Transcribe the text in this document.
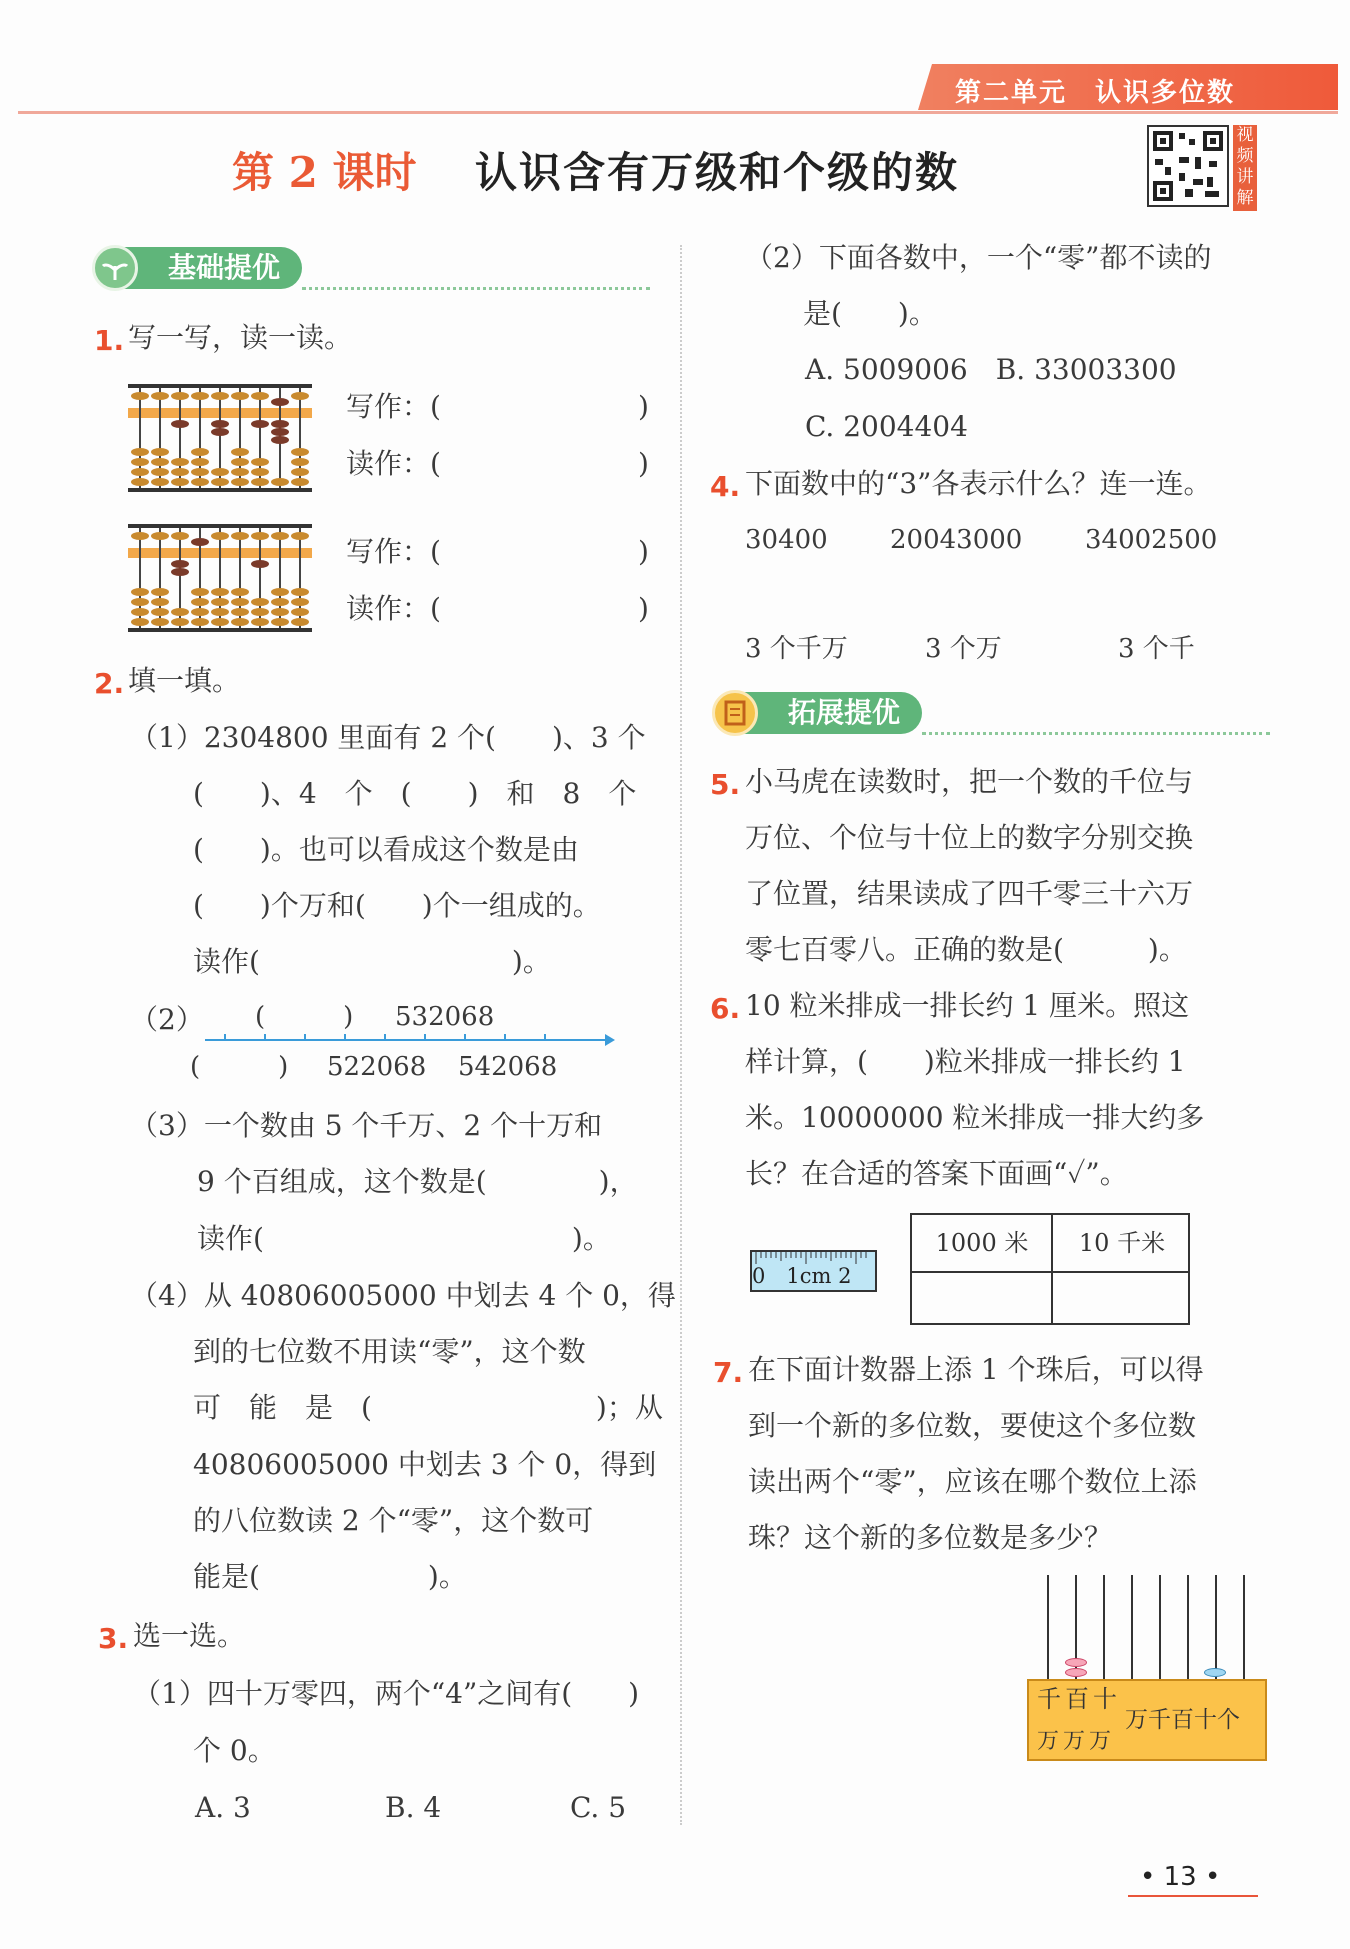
第二单元　认识多位数
第 2 课时 认识含有万级和个级的数
视频讲解
基础提优
1. 写一写，读一读。
写作：(	)
读作：(	)
写作：(	)
读作：(	)
2. 填一填。
（1）2304800 里面有 2 个(　　)、3 个
(　　)、4　个　(　　)　和　8　个
(　　)。也可以看成这个数是由
(　　)个万和(　　)个一组成的。
读作(　　　　　　　　　)。
（2） (　　　) 532068
(　　　) 522068 542068
（3）一个数由 5 个千万、2 个十万和
9 个百组成，这个数是(　　　　)，
读作(　　　　　　　　　　　)。
（4）从 40806005000 中划去 4 个 0，得
到的七位数不用读“零”，这个数
可　能　是　(　　　　　　　　)；从
40806005000 中划去 3 个 0，得到
的八位数读 2 个“零”，这个数可
能是(　　　　　　)。
3. 选一选。
（1）四十万零四，两个“4”之间有(　　)
个 0。
A. 3	B. 4	C. 5
（2）下面各数中，一个“零”都不读的
是(　　)。
A. 5009006　B. 33003300
C. 2004404
4. 下面数中的“3”各表示什么？连一连。
30400 20043000 34002500
3 个千万	3 个万	3 个千
拓展提优
5. 小马虎在读数时，把一个数的千位与
万位、个位与十位上的数字分别交换
了位置，结果读成了四千零三十六万
零七百零八。正确的数是(　　　)。
6. 10 粒米排成一排长约 1 厘米。照这
样计算，(　　)粒米排成一排长约 1
米。10000000 粒米排成一排大约多
长？在合适的答案下面画“✓”。
0　1cm 2
1000 米	10 千米
7. 在下面计数器上添 1 个珠后，可以得
到一个新的多位数，要使这个多位数
读出两个“零”，应该在哪个数位上添
珠？这个新的多位数是多少？
千百十
万万万
万千百十个
• 13 •
